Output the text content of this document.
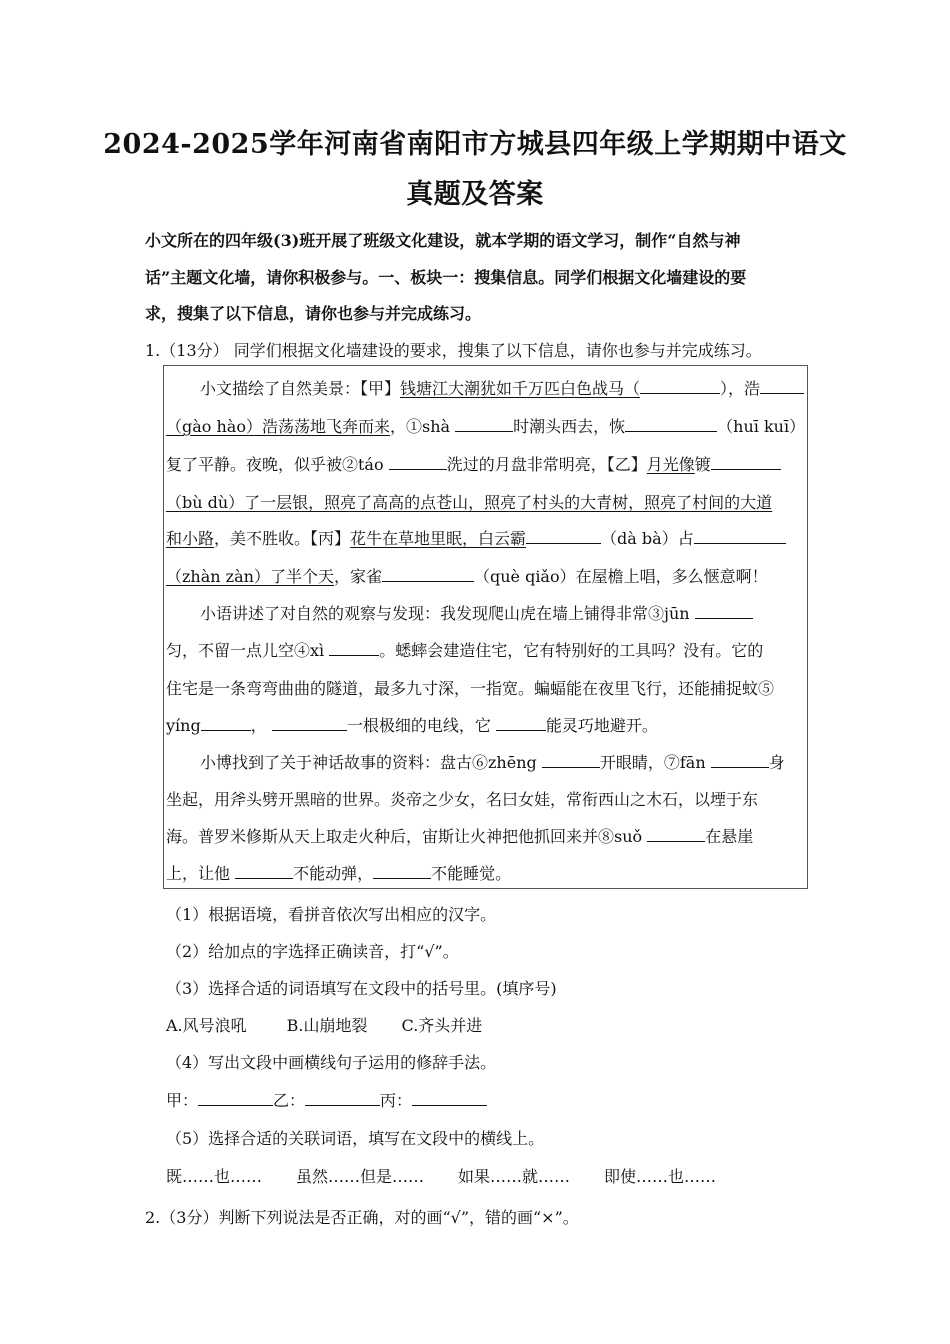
2024-2025学年河南省南阳市方城县四年级上学期期中语文
真题及答案
小文所在的四年级(3)班开展了班级文化建设，就本学期的语文学习，制作“自然与神
话”主题文化墙，请你积极参与。一、板块一：搜集信息。同学们根据文化墙建设的要
求，搜集了以下信息，请你也参与并完成练习。
1.（13分） 同学们根据文化墙建设的要求，搜集了以下信息，请你也参与并完成练习。
小文描绘了自然美景：【甲】钱塘江大潮犹如千万匹白色战马（	），浩
（gào hào）浩荡荡地飞奔而来，①shà	时潮头西去，恢	（huī kuī）
复了平静。夜晚，似乎被②táo	洗过的月盘非常明亮，【乙】月光像镀
（bù dù）了一层银，照亮了高高的点苍山，照亮了村头的大青树，照亮了村间的大道
和小路，美不胜收。【丙】花牛在草地里眠，白云霸	（dà bà）占
（zhàn zàn）了半个天，家雀	（què qiǎo）在屋檐上唱，多么惬意啊！
小语讲述了对自然的观察与发现：我发现爬山虎在墙上铺得非常③jūn
匀，不留一点儿空④xì	。蟋蟀会建造住宅，它有特别好的工具吗？没有。它的
住宅是一条弯弯曲曲的隧道，最多九寸深，一指宽。蝙蝠能在夜里飞行，还能捕捉蚊⑤
yíng	，	一根极细的电线，它	能灵巧地避开。
小博找到了关于神话故事的资料：盘古⑥zhēng	开眼睛，⑦fān	身
坐起，用斧头劈开黑暗的世界。炎帝之少女，名曰女娃，常衔西山之木石，以堙于东
海。普罗米修斯从天上取走火种后，宙斯让火神把他抓回来并⑧suǒ	在悬崖
上，让他	不能动弹，	不能睡觉。
（1）根据语境，看拼音依次写出相应的汉字。
（2）给加点的字选择正确读音，打“√”。
（3）选择合适的词语填写在文段中的括号里。(填序号)
A.风号浪吼	B.山崩地裂 C.齐头并进
（4）写出文段中画横线句子运用的修辞手法。
甲：	乙：	丙：
（5）选择合适的关联词语，填写在文段中的横线上。
既……也…… 虽然……但是…… 如果……就…… 即使……也……
2.（3分）判断下列说法是否正确，对的画“√”，错的画“×”。
